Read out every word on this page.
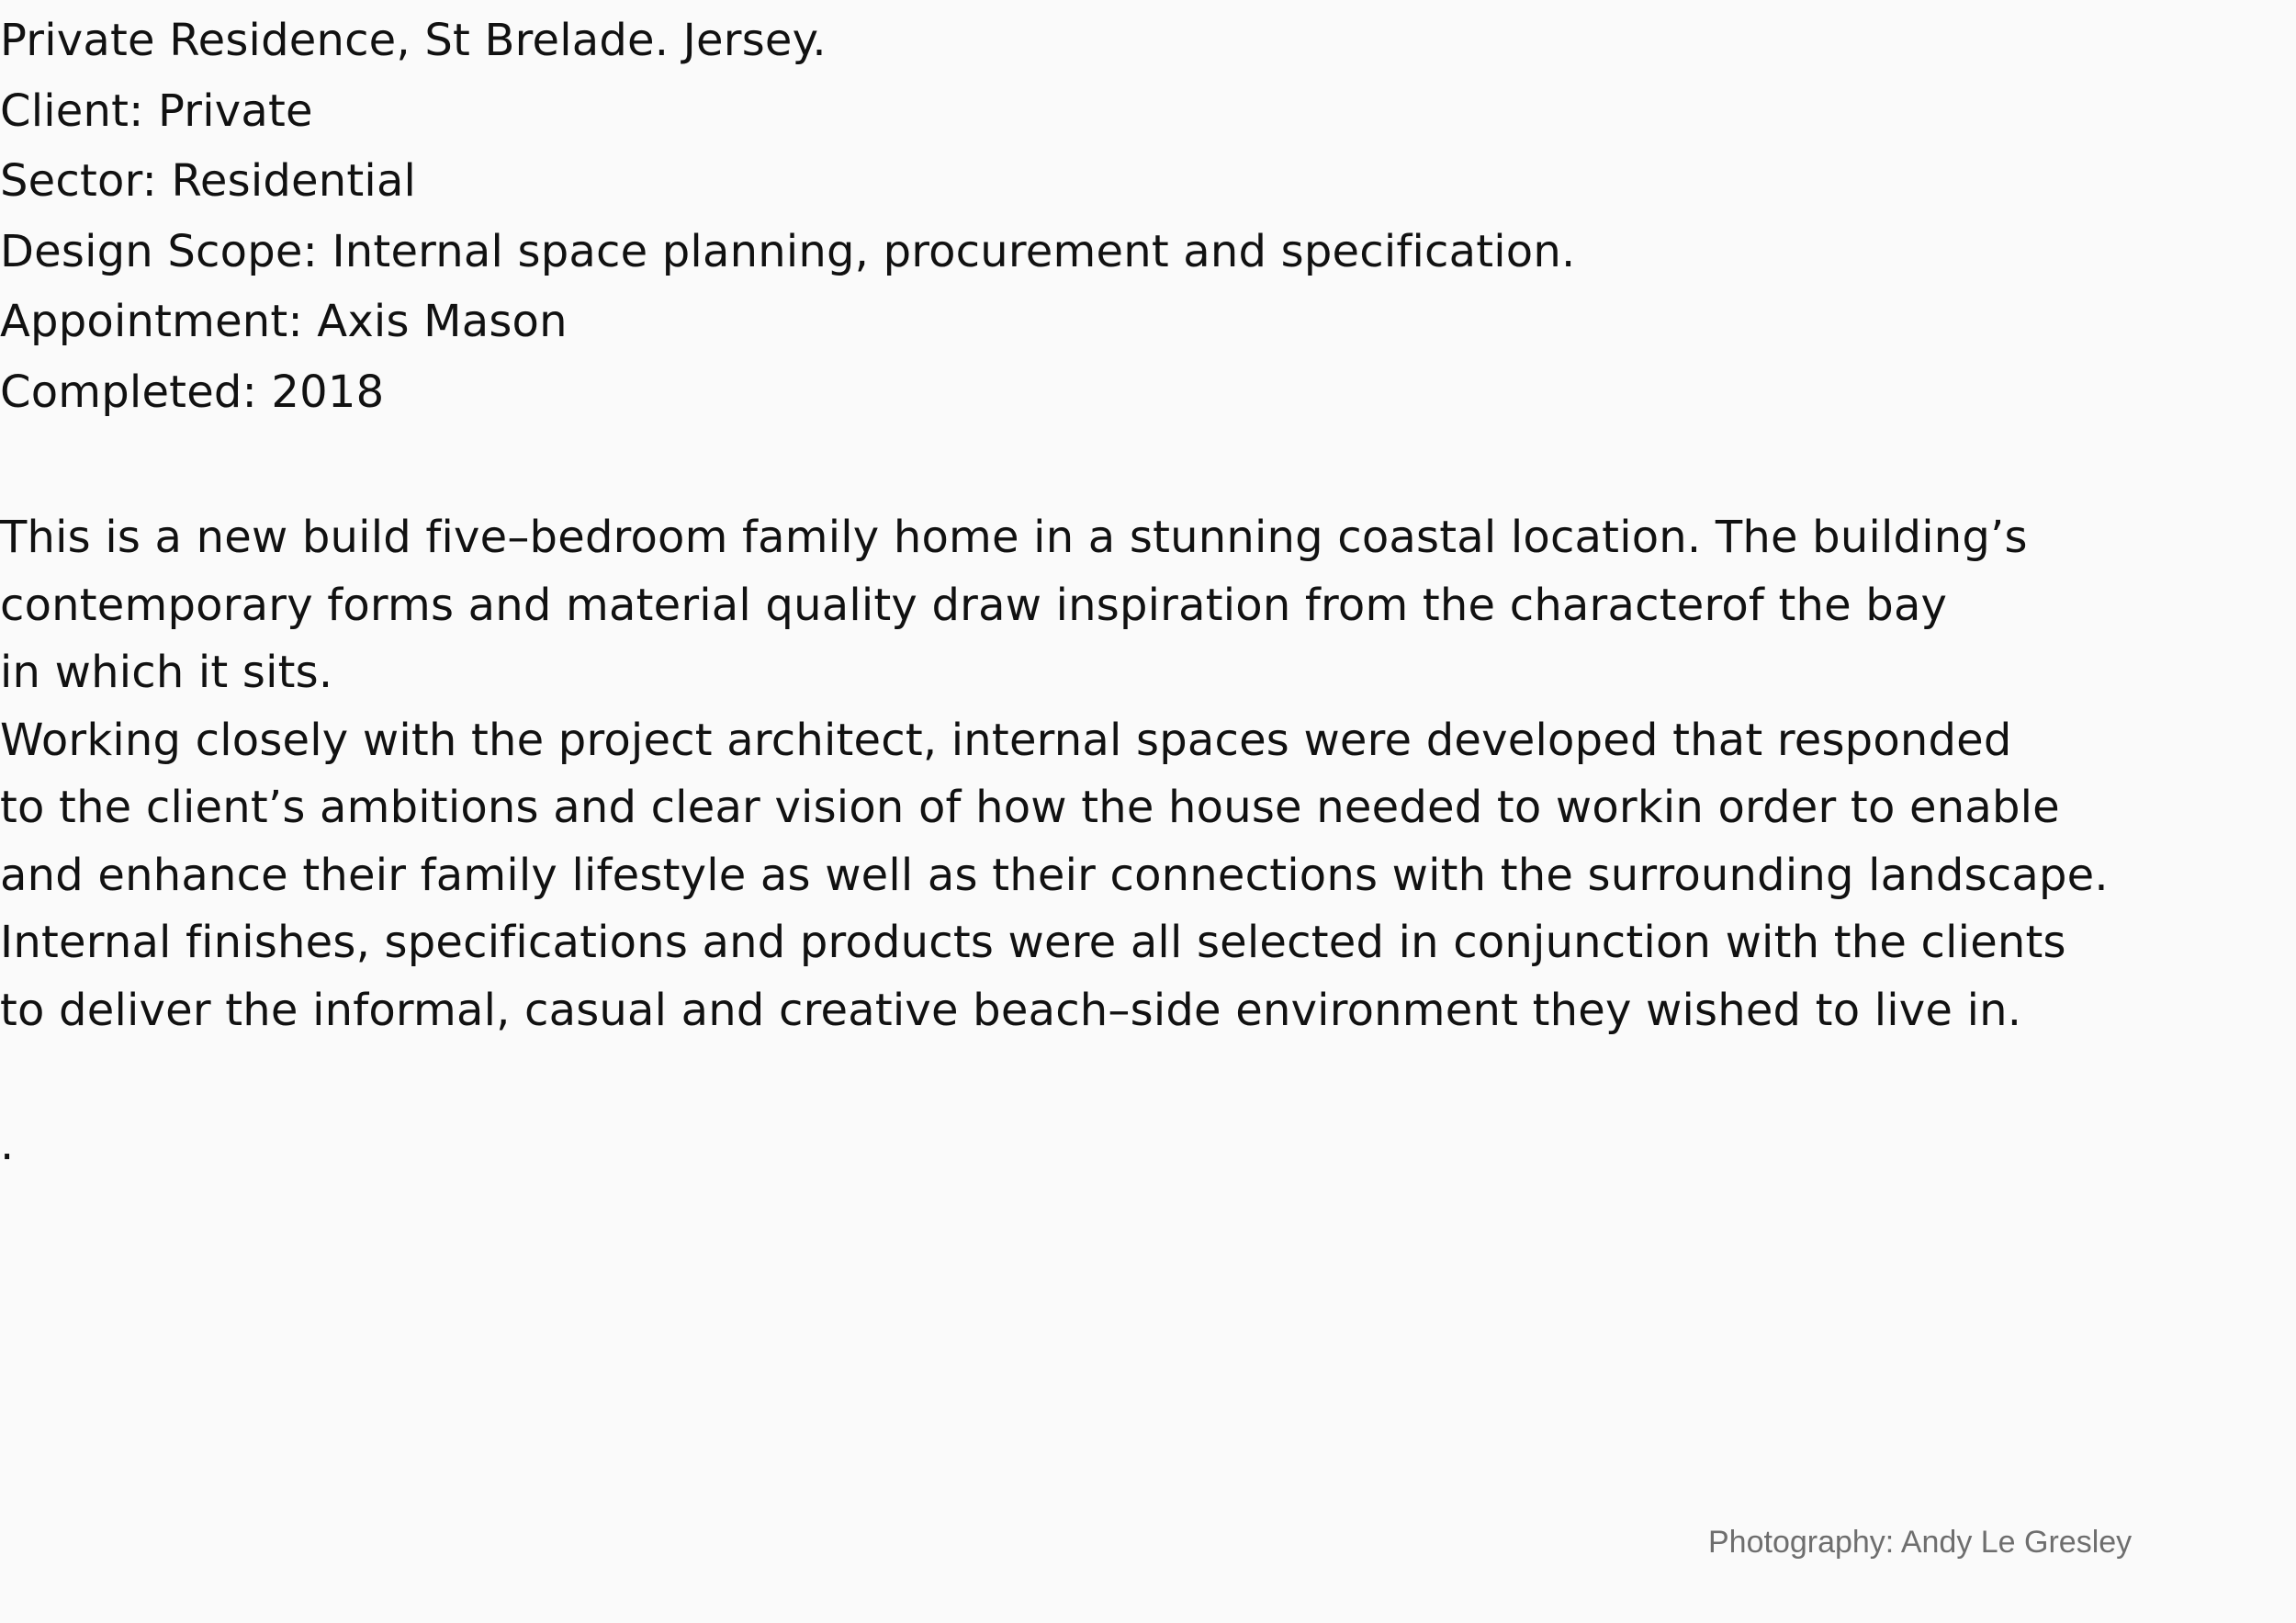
Private Residence, St Brelade. Jersey.
Client: Private
Sector: Residential
Design Scope: Internal space planning, procurement and specification.
Appointment: Axis Mason
Completed: 2018
This is a new build five–bedroom family home in a stunning coastal location. The building’s
contemporary forms and material quality draw inspiration from the characterof the bay
in which it sits.
Working closely with the project architect, internal spaces were developed that responded
to the client’s ambitions and clear vision of how the house needed to workin order to enable
and enhance their family lifestyle as well as their connections with the surrounding landscape.
Internal finishes, specifications and products were all selected in conjunction with the clients
to deliver the informal, casual and creative beach–side environment they wished to live in.
.
Photography: Andy Le Gresley
